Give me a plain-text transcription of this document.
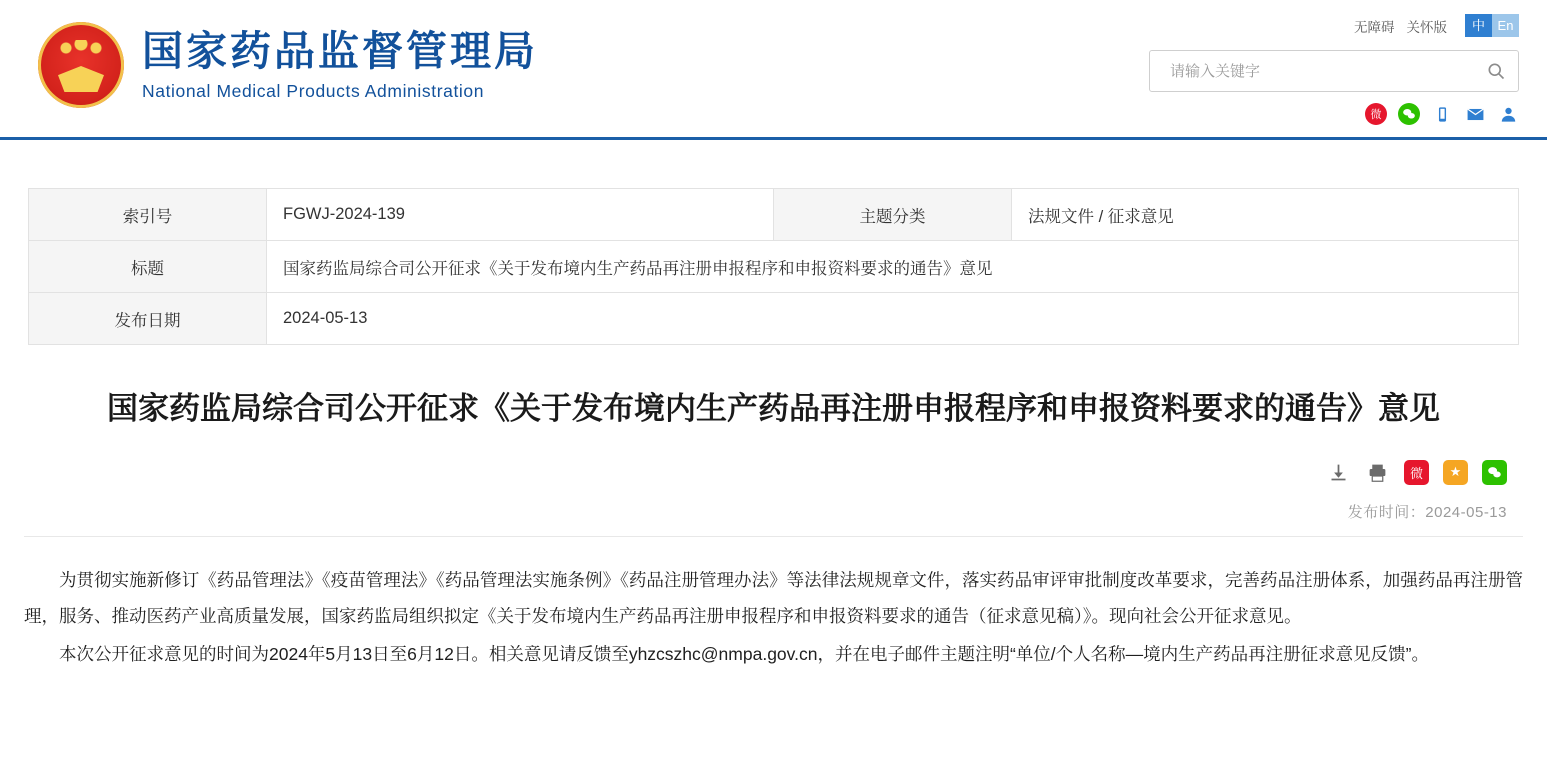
国家药品监督管理局
National Medical Products Administration
无障碍 关怀版	中 En
请输入关键字
微
索引号	FGWJ-2024-139	主题分类	法规文件 / 征求意见
标题	国家药监局综合司公开征求《关于发布境内生产药品再注册申报程序和申报资料要求的通告》意见		
发布日期	2024-05-13		
国家药监局综合司公开征求《关于发布境内生产药品再注册申报程序和申报资料要求的通告》意见
微	★
发布时间：2024-05-13

为贯彻实施新修订《药品管理法》《疫苗管理法》《药品管理法实施条例》《药品注册管理办法》等法律法规规章文件，落实药品审评审批制度改革要求，完善药品注册体系，加强药品再注册管理，服务、推动医药产业高质量发展，国家药监局组织拟定《关于发布境内生产药品再注册申报程序和申报资料要求的通告（征求意见稿）》。现向社会公开征求意见。

本次公开征求意见的时间为2024年5月13日至6月12日。相关意见请反馈至yhzcszhc@nmpa.gov.cn，并在电子邮件主题注明“单位/个人名称—境内生产药品再注册征求意见反馈”。
